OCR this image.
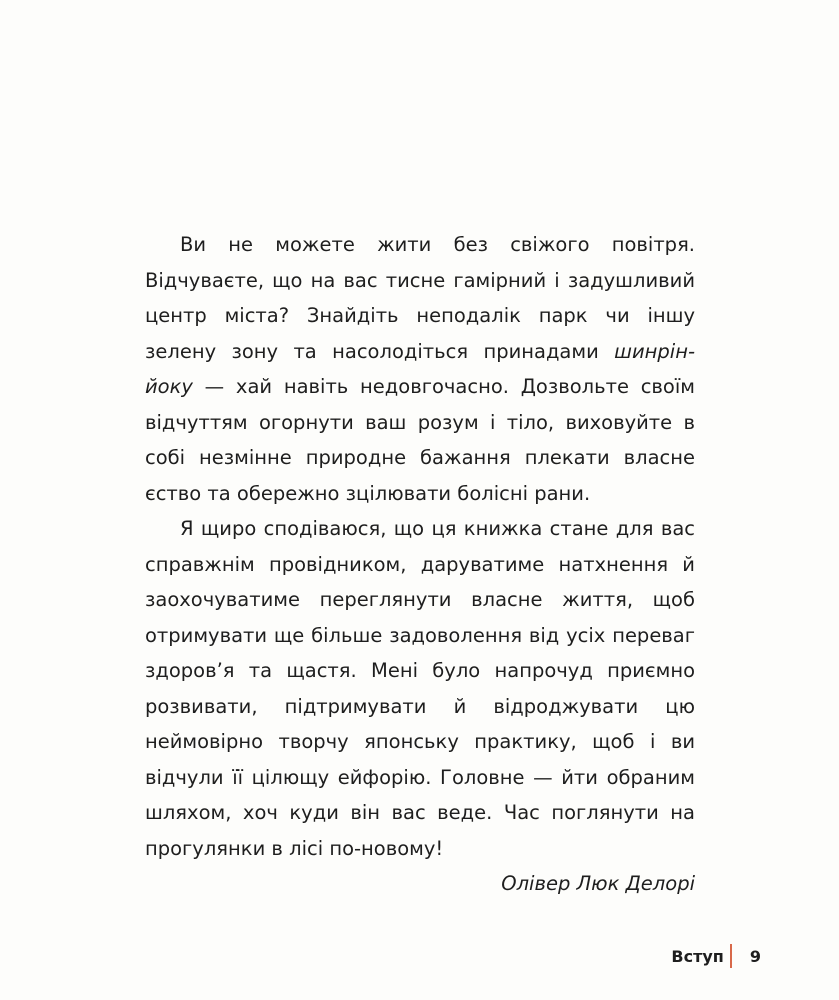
Ви не можете жити без свіжого повітря. Відчуваєте, що на вас тисне гамірний і задушливий центр міста? Знайдіть неподалік парк чи іншу зелену зону та насолодіться принадами шинрін-йоку — хай навіть недовгочасно. Дозвольте своїм відчуттям огорнути ваш розум і тіло, виховуйте в собі незмінне природне бажання плекати власне єство та обережно зцілювати болісні рани.

Я щиро сподіваюся, що ця книжка стане для вас справжнім провідником, даруватиме натхнення й заохочуватиме переглянути власне життя, щоб отримувати ще більше задоволення від усіх переваг здоров’я та щастя. Мені було напрочуд приємно розвивати, підтримувати й відроджувати цю неймовірно творчу японську практику, щоб і ви відчули її цілющу ейфорію. Головне — йти обраним шляхом, хоч куди він вас веде. Час поглянути на прогулянки в лісі по-новому!

Олівер Люк Делорі

Вступ 9
